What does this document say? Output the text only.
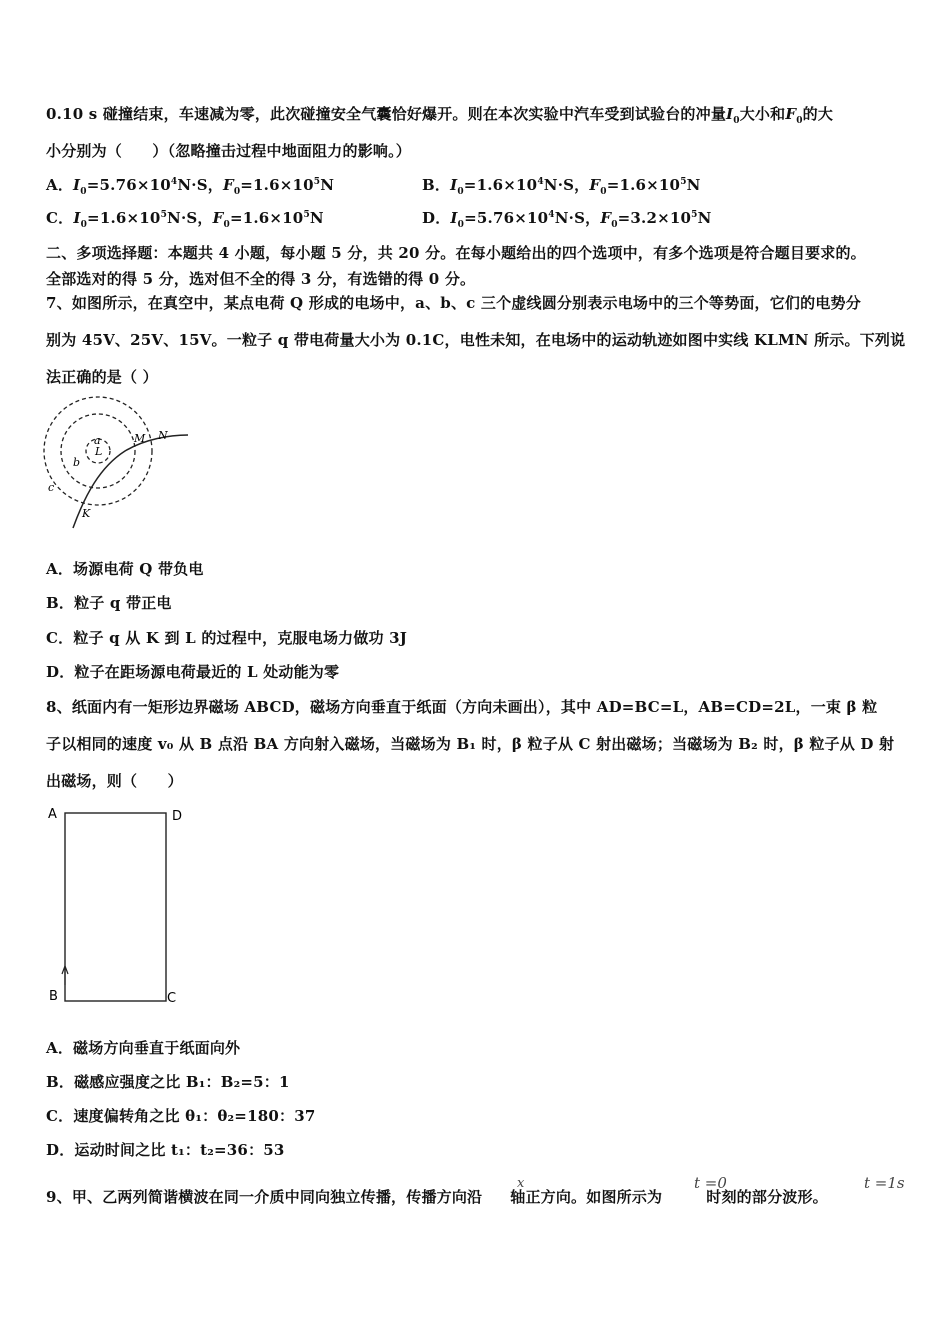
0.10 s 碰撞结束，车速减为零，此次碰撞安全气囊恰好爆开。则在本次实验中汽车受到试验台的冲量$I_0$大小和$F_0$的大
小分别为（　　）（忽略撞击过程中地面阻力的影响。）
A．$I_0=5.76\times 10^4N\cdot S$，$F_0=1.6\times 10^5N$	B．$I_0=1.6\times 10^4N\cdot S$，$F_0=1.6\times 10^5N$
C．$I_0=1.6\times 10^5N\cdot S$，$F_0=1.6\times 10^5N$	D．$I_0=5.76\times 10^4N\cdot S$，$F_0=3.2\times 10^5N$
二、多项选择题：本题共 4 小题，每小题 5 分，共 20 分。在每小题给出的四个选项中，有多个选项是符合题目要求的。
全部选对的得 5 分，选对但不全的得 3 分，有选错的得 0 分。
7、如图所示，在真空中，某点电荷 Q 形成的电场中，a、b、c 三个虚线圆分别表示电场中的三个等势面，它们的电势分
别为 45V、25V、15V。一粒子 q 带电荷量大小为 0.1C，电性未知，在电场中的运动轨迹如图中实线 KLMN 所示。下列说
法正确的是（ ）
a
b
c
L
M N
K
A．场源电荷 Q 带负电
B．粒子 q 带正电
C．粒子 q 从 K 到 L 的过程中，克服电场力做功 3J
D．粒子在距场源电荷最近的 L 处动能为零
8、纸面内有一矩形边界磁场 ABCD，磁场方向垂直于纸面（方向未画出），其中 AD=BC=L，AB=CD=2L，一束 β 粒
子以相同的速度 v₀ 从 B 点沿 BA 方向射入磁场，当磁场为 B₁ 时，β 粒子从 C 射出磁场；当磁场为 B₂ 时，β 粒子从 D 射
出磁场，则（　　）
A	D
B	C
A．磁场方向垂直于纸面向外
B．磁感应强度之比 B₁：B₂=5：1
C．速度偏转角之比 θ₁：θ₂=180：37
D．运动时间之比 t₁：t₂=36：53
9、甲、乙两列简谐横波在同一介质中同向独立传播，传播方向沿 轴正方向。如图所示为	时刻的部分波形。
x	t =0	t =1s
